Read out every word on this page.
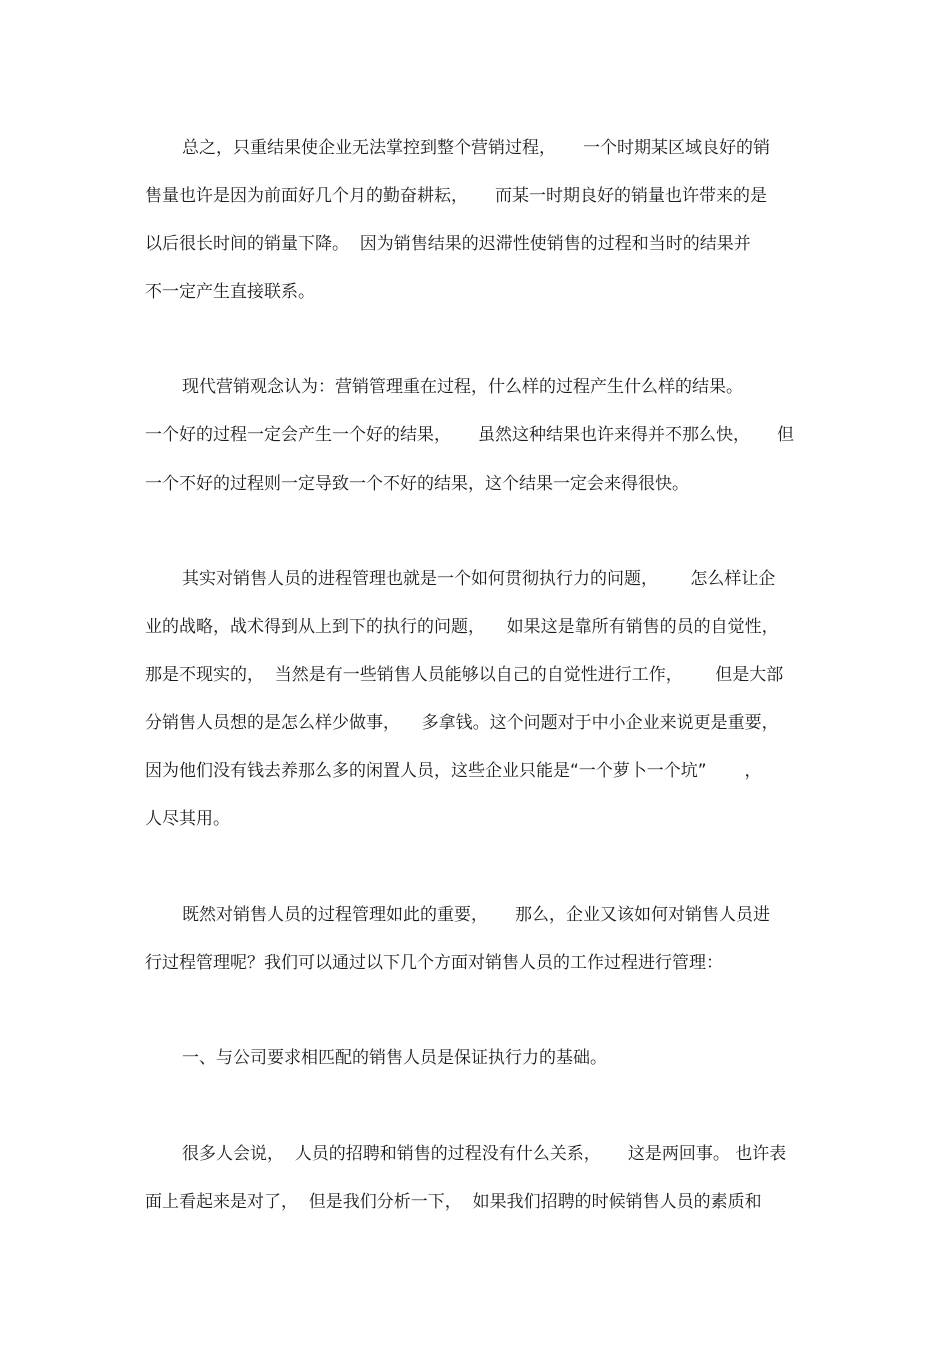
总之，只重结果使企业无法掌控到整个营销过程，     一个时期某区域良好的销
售量也许是因为前面好几个月的勤奋耕耘，     而某一时期良好的销量也许带来的是
以后很长时间的销量下降。  因为销售结果的迟滞性使销售的过程和当时的结果并
不一定产生直接联系。
现代营销观念认为：营销管理重在过程，什么样的过程产生什么样的结果。
一个好的过程一定会产生一个好的结果，     虽然这种结果也许来得并不那么快，     但
一个不好的过程则一定导致一个不好的结果，这个结果一定会来得很快。
其实对销售人员的进程管理也就是一个如何贯彻执行力的问题，      怎么样让企
业的战略，战术得到从上到下的执行的问题，    如果这是靠所有销售的员的自觉性，
那是不现实的，  当然是有一些销售人员能够以自己的自觉性进行工作，      但是大部
分销售人员想的是怎么样少做事，    多拿钱。这个问题对于中小企业来说更是重要，
因为他们没有钱去养那么多的闲置人员，这些企业只能是“一个萝卜一个坑”       ，
人尽其用。
既然对销售人员的过程管理如此的重要，     那么，企业又该如何对销售人员进
行过程管理呢？我们可以通过以下几个方面对销售人员的工作过程进行管理：
一、与公司要求相匹配的销售人员是保证执行力的基础。
很多人会说，  人员的招聘和销售的过程没有什么关系，     这是两回事。 也许表
面上看起来是对了，  但是我们分析一下，  如果我们招聘的时候销售人员的素质和
